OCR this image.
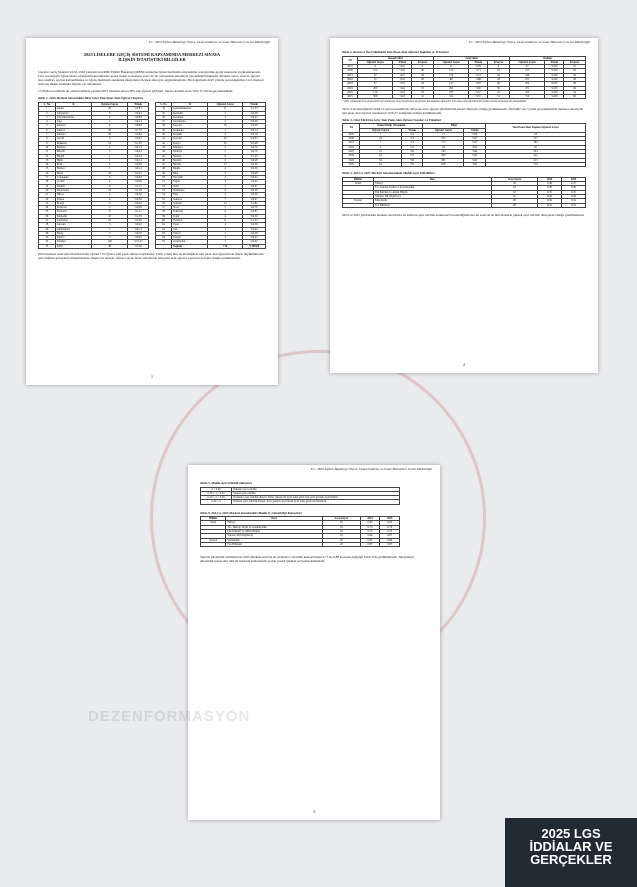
T.C. Milli Eğitim Bakanlığı Ölçme, Değerlendirme ve Sınav Hizmetleri Genel Müdürlüğü
2025 LİSELERE GEÇİŞ SİSTEMİ KAPSAMINDA MERKEZİ SINAVA
İLİŞKİN İSTATİSTİKİ BİLGİLER

Liselere Geçiş Sistemi (LGS), 2018 yılından beri Milli Eğitim Bakanlığı (MEB) tarafından öğrencilerimizin ortaokuldan ortaöğretime geçişi esnasında uygulanmaktadır. LGS aracılığıyla öğrencilerin ortaöğretim kurumlarına geçişi esnek ve merkezi sınav ile bir yerleştirme sistemiyle gerçekleştirilmektedir. Merkezi sınav; sınavla öğrenci alan okullara geçişte kullanılmakta ve öğrencilerimizin akademik düzeylerini ölçmek amacıyla uygulanmaktadır. Bu doğrultuda 2025 yılında gerçekleştirilen LGS merkezi sınavına ilişkin istatistiki bilgiler yer almaktadır.

15 Haziran tarihinde iki oturum hâlinde yapılan 2025 merkezi sınava 983.142 öğrenci girmiştir. Sınava katılım oranı %91,37 olarak gerçekleşmiştir.

Tablo 1. 2025 Merkezi Sınavındaki İllere Göre Tam Puan Alan Öğrenci Sayıları

S. No	İl	Öğrenci Sayısı	Yüzde
1	Adana	20	%2,81
2	Adıyaman	3	%0,42
3	Afyonkarahisar	6	%0,83
4	Ağrı	1	%0,14
5	Amasya	6	%0,83
6	Ankara	56	%7,79
7	Antalya	26	%3,62
8	Artvin	3	%0,42
9	Balıkesir	14	%1,95
10	Batman	1	%0,14
11	Bilecik	3	%0,42
12	Bingöl	1	%0,14
13	Bitlis	1	%0,14
14	Bolu	2	%0,28
15	Burdur	1	%0,14
16	Bursa	36	%5,01
17	Çanakkale	6	%0,83
18	Çorum	4	%0,56
19	Denizli	8	%1,11
20	Diyarbakır	10	%1,39
21	Düzce	4	%0,56
22	Edirne	4	%0,56
23	Elazığ	3	%0,42
24	Erzincan	2	%0,28
25	Erzurum	8	%1,11
26	Eskişehir	10	%1,39
27	Gaziantep	23	%3,20
28	Giresun	3	%0,42
29	Gümüşhane	1	%0,14
30	Hatay	5	%0,70
31	Isparta	3	%0,42
32	İstanbul	140	%19,47
33	İzmir	40	%5,56
S. No	İl	Öğrenci Sayısı	Yüzde
34	Kahramanmaraş	11	%1,53
35	Karabük	2	%0,28
36	Karaman	3	%0,42
37	Kastamonu	2	%0,28
38	Kayseri	18	%2,50
39	Kırıkkale	1	%0,14
40	Kırşehir	5	%0,70
41	Kocaeli	29	%4,03
42	Konya	25	%3,48
43	Kütahya	5	%0,70
44	Malatya	5	%0,70
45	Manisa	9	%1,25
46	Mardin	2	%0,28
47	Mersin	17	%2,36
48	Muğla	4	%0,56
49	Muş	2	%0,28
50	Nevşehir	3	%0,42
51	Niğde	3	%0,42
52	Ordu	7	%0,97
53	Osmaniye	4	%0,56
54	Rize	4	%0,56
55	Sakarya	7	%0,97
56	Samsun	13	%1,81
57	Sivas	5	%0,70
58	Tekirdağ	6	%0,83
59	Tokat	4	%0,56
60	Trabzon	11	%1,53
61	Uşak	4	%0,56
62	Van	3	%0,42
63	Yalova	2	%0,28
64	Yozgat	3	%0,42
65	Zonguldak	3	%0,42
	Toplam	719	%100,00

2025 merkezi sınavında 66 farklı ilden toplam 719 öğrenci tam puan almaya başarmıştır. Tablo 1'deki iller incelendiğinde tam puan alan öğrencilerin illerin büyüklüklerine göre dağılım gösterdiği anlaşılmaktadır. Başka bir deyişle, öğrenci sayısı fazla olan illerde tam puan alan öğrenci sayısının da fazla olduğu görülmektedir.

1
T.C. Milli Eğitim Bakanlığı Ölçme, Değerlendirme ve Sınav Hizmetleri Genel Müdürlüğü

Tablo 2. Resmî ve Özel Okullarda Tam Puan Alan Öğrenci Dağılımı ve İl Sayıları

Yıl	Resmî Okul			Özel Okul			Toplam		
	Öğrenci Sayısı	Yüzde	İl Sayısı	Öğrenci Sayısı	Yüzde	İl Sayısı	Öğrenci Sayısı	Yüzde	İl Sayısı
2019	6	%22	4	21	%78	6	27	%100	10
2020	212	%29	36	515	%71	55	727	%100	65
2021	67	%27	29	179	%73	22	246	%100	42
2022	32	%32	20	69	%68	28	101	%100	36
2023	67	%33	24	137	%67	40	204	%100	49
2024	209	%44	33	262	%56	50	471	%100	64
2025	176	%43	53	237	%57	41	413	%100	54
2025	308	%43	41	411	%57	52	719	%100	66

* 2025 yılında tüm Lise programları için kontenjan sınavına girerek Lise girişine hak kazanan öğrenciler için sonuç alan öğrencilerden dolayı sistem ait tamam mü alınmaktadır.

Tablo 2 incelendiğinde resmî ve özel ortaokullarda tam puan alan öğrenci yüzdelerinin benzer düzeyde olduğu görülmektedir. Özellikle son 3 yılda gerçekleştirilen merkezi sınavlarda tam puan alan öğrenci oranlarının %56-57 aralığında olduğu görülmektedir.

Tablo 3. Okul Türlerine Göre Tam Puan Alan Öğrenci Sayıları ve Yüzdeleri

Yıl	İmam Hatip Ortaokulu		Diğer		Tam Puan Alan Toplam Öğrenci Sayısı
	Öğrenci Sayısı	Yüzde	Öğrenci Sayısı	Yüzde	
2019	1	%4	17	%94	18
2020	24	%3	703	%97	727
2021	7	%3	175	%97	182
2022	3	%3	94	%97	97
2023	12	%6	192	%94	204
2024	24	%5	390	%95	412
2024	32	%8	381	%92	413
2025	63	%9	656	%91	719

Tablo 4. 2024 ve 2025 Merkezi Sınavlarındaki Madde Ayırt Edicilikleri

Bölüm	Ders	Soru Sayısı	2024	2025
Sözel	Türkçe	20	0,48	0,47
	T.C. İnkılap Tarihi ve Atatürkçülük	10	0,38	0,36
	Din Kültürü ve Ahlak Bilgisi	10	0,35	0,35
	Yabancı Dil (İngilizce)	10	0,49	0,49
Sayısal	Matematik	20	0,56	0,54
	Fen Bilimleri	20	0,55	0,53

2024 ve 2025 yıllarındaki merkezi sınavlarda alt testlerin ayırt edicilik endekslerİ incelendiğinde her iki sınavda da tüm derslerin yüksek ayırt edicilik düzeyinde olduğu görülmektedir.

2
T.C. Milli Eğitim Bakanlığı Ölçme, Değerlendirme ve Sınav Hizmetleri Genel Müdürlüğü

Tablo 5. Madde Ayırt Edicilik Düzeyleri

d ≥ 0,40	Yüksek ayırt edicilik
0,30 ≤ d ≤ 0,39	Yeterli ayırt edicilik
0,20 ≤ d ≤ 0,29	Ortalama ayırt edicilik düzeyi. Daha yüksek bir ayırt etme gücü için ayırt gözden geçirilebilir.
0,20 > d	Yetersiz ayırt edicilik düzeyi. Soru gözden geçirilerek ayırt etme gücü artırılmalıdır.

Tablo 6. 2024 ve 2025 Merkezi Sınavlardaki Madde İç Güvenirliği Katsayıları

Bölüm	Ders	Soru Sayısı	2024	2025
Sözel	Türkçe	20	0,83	0,82
	T.C. İnkılap Tarihi ve Atatürkçülük	10	0,73	0,76
	Din Kültürü ve Ahlak Bilgisi	10	0,75	0,75
	Yabancı Dil (İngilizce)	10	0,89	0,87
Sayısal	Matematik	20	0,87	0,86
	Fen Bilimleri	20	0,87	0,87

Yapılan güvenirlik analizlerinde 2025 merkezi sınavda alt testlerin iç tutarlılık katsayılarının 0,75 ile 0,88 arasında değiştiği Tablo 6'da görülmektedir. Hesaplanan güvenirlik katsayıları tüm alt testlerde psikometrik açıdan yeterli görülen seviyenin üstündedir.

3
DEZENFORMASYON
2025 LGS
İDDİALAR VE
GERÇEKLER
